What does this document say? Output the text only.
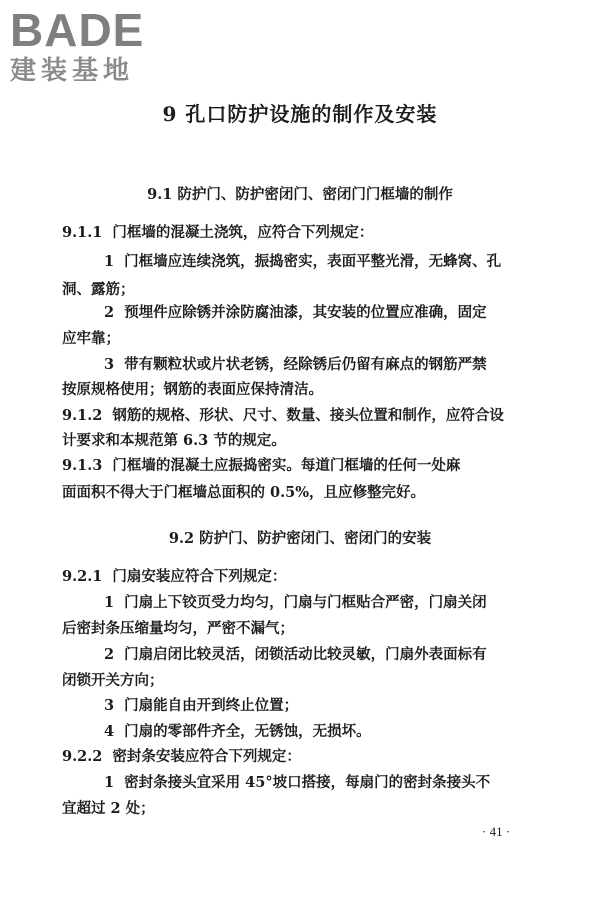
BADE
建装基地
9 孔口防护设施的制作及安装
9.1 防护门、防护密闭门、密闭门门框墙的制作
9.1.1 门框墙的混凝土浇筑，应符合下列规定：
1 门框墙应连续浇筑，振捣密实，表面平整光滑，无蜂窝、孔
洞、露筋；
2 预埋件应除锈并涂防腐油漆，其安装的位置应准确，固定
应牢靠；
3 带有颗粒状或片状老锈，经除锈后仍留有麻点的钢筋严禁
按原规格使用；钢筋的表面应保持清洁。
9.1.2 钢筋的规格、形状、尺寸、数量、接头位置和制作，应符合设
计要求和本规范第 6.3 节的规定。
9.1.3 门框墙的混凝土应振捣密实。每道门框墙的任何一处麻
面面积不得大于门框墙总面积的 0.5%，且应修整完好。
9.2 防护门、防护密闭门、密闭门的安装
9.2.1 门扇安装应符合下列规定：
1 门扇上下铰页受力均匀，门扇与门框贴合严密，门扇关闭
后密封条压缩量均匀，严密不漏气；
2 门扇启闭比较灵活，闭锁活动比较灵敏，门扇外表面标有
闭锁开关方向；
3 门扇能自由开到终止位置；
4 门扇的零部件齐全，无锈蚀，无损坏。
9.2.2 密封条安装应符合下列规定：
1 密封条接头宜采用 45°坡口搭接，每扇门的密封条接头不
宜超过 2 处；
· 41 ·
